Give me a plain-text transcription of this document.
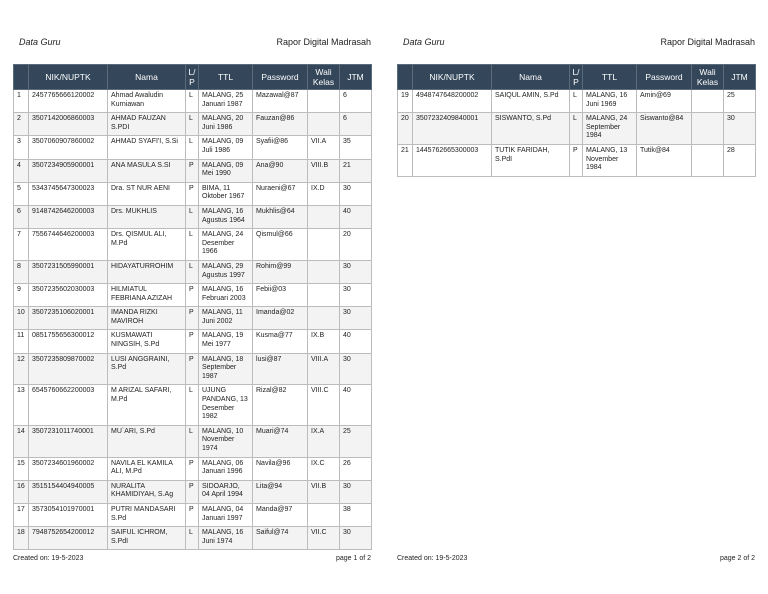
Data Guru	Rapor Digital Madrasah
	NIK/NUPTK	Nama	L/
P	TTL	Password	Wali
Kelas	JTM
1	2457765666120002	Ahmad Awaludin Kurniawan	L	MALANG, 25 Januari 1987	Mazawal@87		6
2	3507142006860003	AHMAD FAUZAN S.PDI	L	MALANG, 20 Juni 1986	Fauzan@86		6
3	3507060907860002	AHMAD SYAFI'I, S.Si	L	MALANG, 09 Juli 1986	Syafii@86	VII.A	35
4	3507234905900001	ANA MASULA S.SI	P	MALANG, 09 Mei 1990	Ana@90	VIII.B	21
5	5343745647300023	Dra. ST NUR AENI	P	BIMA, 11 Oktober 1967	Nuraeni@67	IX.D	30
6	9148742646200003	Drs. MUKHLIS	L	MALANG, 16 Agustus 1964	Mukhlis@64		40
7	7556744646200003	Drs. QISMUL ALI, M.Pd	L	MALANG, 24 Desember 1966	Qismul@66		20
8	3507231505990001	HIDAYATURROHIM	L	MALANG, 29 Agustus 1997	Rohim@99		30
9	3507235602030003	HILMIATUL FEBRIANA AZIZAH	P	MALANG, 16 Februari 2003	Febii@03		30
10	3507235106020001	IMANDA RIZKI MAVIROH	P	MALANG, 11 Juni 2002	Imanda@02		30
11	0851755656300012	KUSMAWATI NINGSIH, S.Pd	P	MALANG, 19 Mei 1977	Kusma@77	IX.B	40
12	3507235809870002	LUSI ANGGRAINI, S.Pd	P	MALANG, 18 September 1987	lusi@87	VIII.A	30
13	6545760662200003	M ARIZAL SAFARI, M.Pd	L	UJUNG PANDANG, 13 Desember 1982	Rizal@82	VIII.C	40
14	3507231011740001	MU`ARI, S.Pd	L	MALANG, 10 November 1974	Muari@74	IX.A	25
15	3507234601960002	NAVILA EL KAMILA ALI, M.Pd	P	MALANG, 06 Januari 1996	Navila@96	IX.C	26
16	3515154404940005	NURALITA KHAMIDIYAH, S.Ag	P	SIDOARJO, 04 April 1994	Lita@94	VII.B	30
17	3573054101970001	PUTRI MANDASARI S.Pd	P	MALANG, 04 Januari 1997	Manda@97		38
18	7948752654200012	SAIFUL ICHROM, S.PdI	L	MALANG, 16 Juni 1974	Saiful@74	VII.C	30
Created on: 19-5-2023	page 1 of 2
Data Guru	Rapor Digital Madrasah
	NIK/NUPTK	Nama	L/
P	TTL	Password	Wali
Kelas	JTM
19	4948747648200002	SAIQUL AMIN, S.Pd	L	MALANG, 16 Juni 1969	Amin@69		25
20	3507232409840001	SISWANTO, S.Pd	L	MALANG, 24 September 1984	Siswanto@84		30
21	1445762665300003	TUTIK FARIDAH, S.PdI	P	MALANG, 13 November 1984	Tutik@84		28
Created on: 19-5-2023	page 2 of 2
